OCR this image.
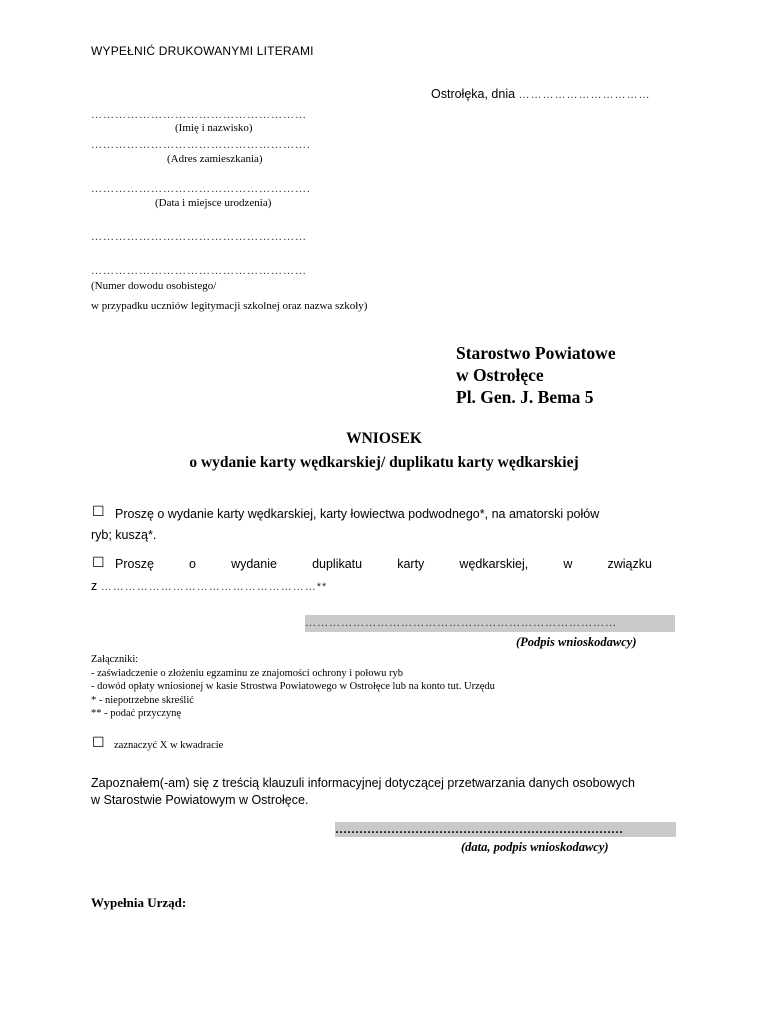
WYPEŁNIĆ DRUKOWANYMI LITERAMI
Ostrołęka, dnia ……………………………
………………………………………………
(Imię i nazwisko)
……………………………………………….
(Adres zamieszkania)
……………………………………………….
(Data i miejsce urodzenia)
………………………………………………
………………………………………………
(Numer dowodu osobistego/
w przypadku uczniów legitymacji szkolnej oraz nazwa szkoły)
Starostwo Powiatowe
w Ostrołęce
Pl. Gen. J. Bema 5
WNIOSEK
o wydanie karty wędkarskiej/ duplikatu karty wędkarskiej
☐ Proszę o wydanie karty wędkarskiej, karty łowiectwa podwodnego*, na amatorski połów
ryb; kuszą*.
☐ Proszę	o	wydanie	duplikatu	karty	wędkarskiej,	w	związku
z ………………………………………………**
……………………………………………………………………
(Podpis wnioskodawcy)
Załączniki:
- zaświadczenie o złożeniu egzaminu ze znajomości ochrony i połowu ryb
- dowód opłaty wniosionej w kasie Strostwa Powiatowego w Ostrołęce lub na konto tut. Urzędu
* - niepotrzebne skreślić
** - podać przyczynę
☐ zaznaczyć X w kwadracie
Zapoznałem(-am) się z treścią klauzuli informacyjnej dotyczącej przetwarzania danych osobowych
w Starostwie Powiatowym w Ostrołęce.
………………………………………………………………
(data, podpis wnioskodawcy)
Wypełnia Urząd:
